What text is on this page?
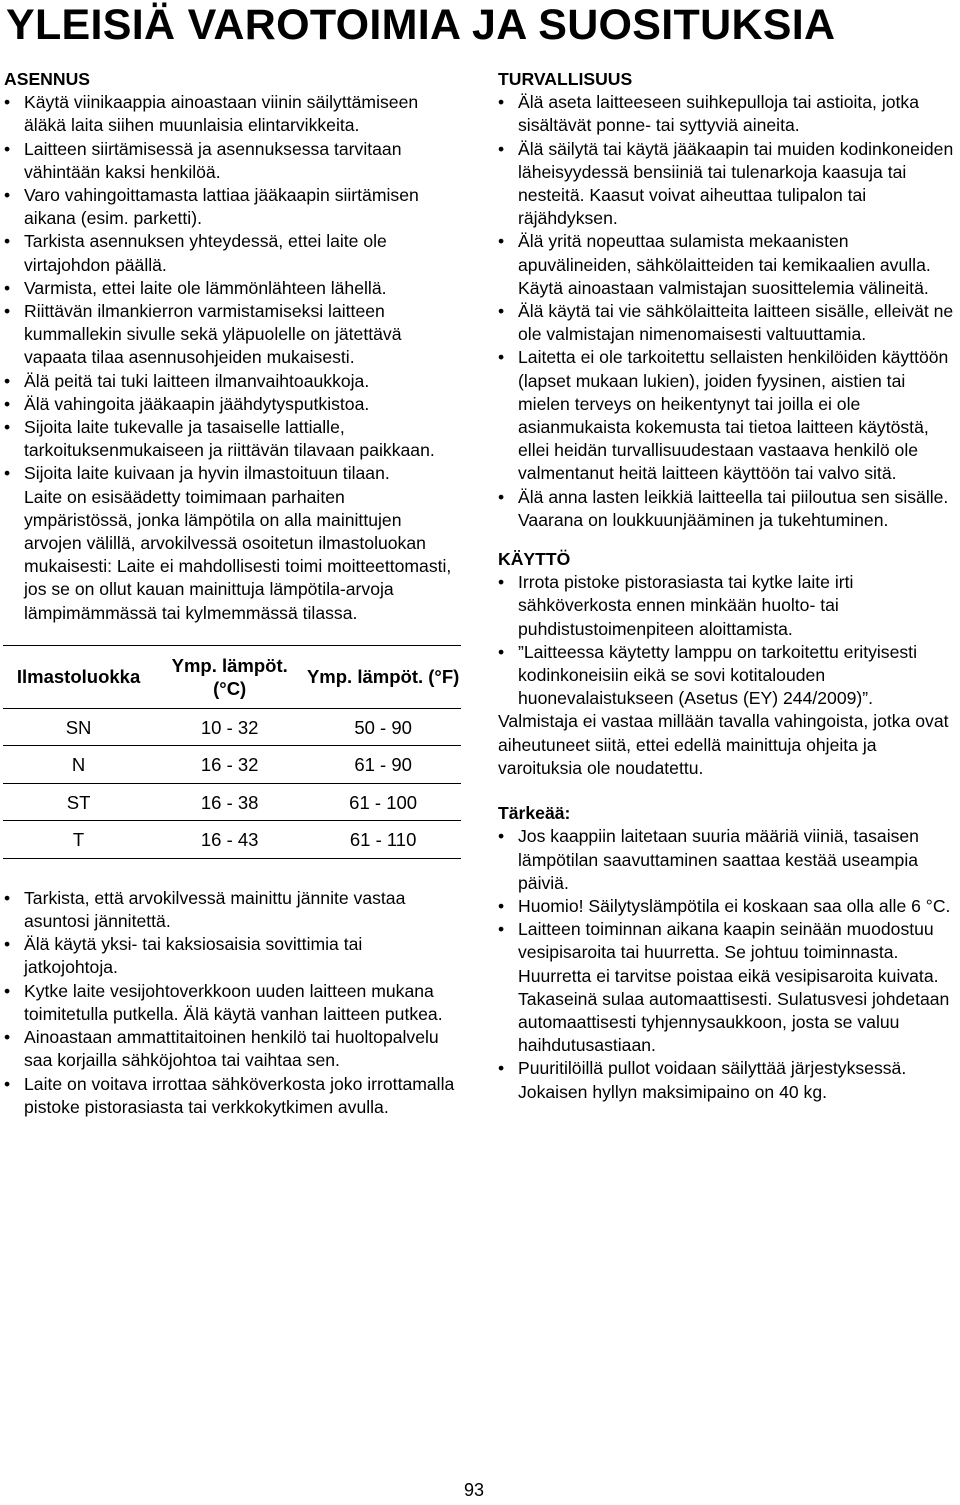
YLEISIÄ VAROTOIMIA JA SUOSITUKSIA
ASENNUS
• Käytä viinikaappia ainoastaan viinin säilyttämiseen äläkä laita siihen muunlaisia elintarvikkeita.
• Laitteen siirtämisessä ja asennuksessa tarvitaan vähintään kaksi henkilöä.
• Varo vahingoittamasta lattiaa jääkaapin siirtämisen aikana (esim. parketti).
• Tarkista asennuksen yhteydessä, ettei laite ole virtajohdon päällä.
• Varmista, ettei laite ole lämmönlähteen lähellä.
• Riittävän ilmankierron varmistamiseksi laitteen kummallekin sivulle sekä yläpuolelle on jätettävä vapaata tilaa asennusohjeiden mukaisesti.
• Älä peitä tai tuki laitteen ilmanvaihtoaukkoja.
• Älä vahingoita jääkaapin jäähdytysputkistoa.
• Sijoita laite tukevalle ja tasaiselle lattialle, tarkoituksenmukaiseen ja riittävän tilavaan paikkaan.
• Sijoita laite kuivaan ja hyvin ilmastoituun tilaan.

Laite on esisäädetty toimimaan parhaiten ympäristössä, jonka lämpötila on alla mainittujen arvojen välillä, arvokilvessä osoitetun ilmastoluokan mukaisesti: Laite ei mahdollisesti toimi moitteettomasti, jos se on ollut kauan mainittuja lämpötila-arvoja lämpimämmässä tai kylmemmässä tilassa.

Ilmastoluokka	Ymp. lämpöt. (°C)	Ymp. lämpöt. (°F)
SN	10 - 32	50 - 90
N	16 - 32	61 - 90
ST	16 - 38	61 - 100
T	16 - 43	61 - 110
• Tarkista, että arvokilvessä mainittu jännite vastaa asuntosi jännitettä.
• Älä käytä yksi- tai kaksiosaisia sovittimia tai jatkojohtoja.
• Kytke laite vesijohtoverkkoon uuden laitteen mukana toimitetulla putkella. Älä käytä vanhan laitteen putkea.
• Ainoastaan ammattitaitoinen henkilö tai huoltopalvelu saa korjailla sähköjohtoa tai vaihtaa sen.
• Laite on voitava irrottaa sähköverkosta joko irrottamalla pistoke pistorasiasta tai verkkokytkimen avulla.
TURVALLISUUS
• Älä aseta laitteeseen suihkepulloja tai astioita, jotka sisältävät ponne- tai syttyviä aineita.
• Älä säilytä tai käytä jääkaapin tai muiden kodinkoneiden läheisyydessä bensiiniä tai tulenarkoja kaasuja tai nesteitä. Kaasut voivat aiheuttaa tulipalon tai räjähdyksen.
• Älä yritä nopeuttaa sulamista mekaanisten apuvälineiden, sähkölaitteiden tai kemikaalien avulla. Käytä ainoastaan valmistajan suosittelemia välineitä.
• Älä käytä tai vie sähkölaitteita laitteen sisälle, elleivät ne ole valmistajan nimenomaisesti valtuuttamia.
• Laitetta ei ole tarkoitettu sellaisten henkilöiden käyttöön (lapset mukaan lukien), joiden fyysinen, aistien tai mielen terveys on heikentynyt tai joilla ei ole asianmukaista kokemusta tai tietoa laitteen käytöstä, ellei heidän turvallisuudestaan vastaava henkilö ole valmentanut heitä laitteen käyttöön tai valvo sitä.
• Älä anna lasten leikkiä laitteella tai piiloutua sen sisälle. Vaarana on loukkuunjääminen ja tukehtuminen.
KÄYTTÖ
• Irrota pistoke pistorasiasta tai kytke laite irti sähköverkosta ennen minkään huolto- tai puhdistustoimenpiteen aloittamista.
• ”Laitteessa käytetty lamppu on tarkoitettu erityisesti kodinkoneisiin eikä se sovi kotitalouden huonevalaistukseen (Asetus (EY) 244/2009)”.

Valmistaja ei vastaa millään tavalla vahingoista, jotka ovat aiheutuneet siitä, ettei edellä mainittuja ohjeita ja varoituksia ole noudatettu.

Tärkeää:
• Jos kaappiin laitetaan suuria määriä viiniä, tasaisen lämpötilan saavuttaminen saattaa kestää useampia päiviä.
• Huomio! Säilytyslämpötila ei koskaan saa olla alle 6 °C.
• Laitteen toiminnan aikana kaapin seinään muodostuu vesipisaroita tai huurretta. Se johtuu toiminnasta. Huurretta ei tarvitse poistaa eikä vesipisaroita kuivata. Takaseinä sulaa automaattisesti. Sulatusvesi johdetaan automaattisesti tyhjennysaukkoon, josta se valuu haihdutusastiaan.
• Puuritilöillä pullot voidaan säilyttää järjestyksessä. Jokaisen hyllyn maksimipaino on 40 kg.
93
